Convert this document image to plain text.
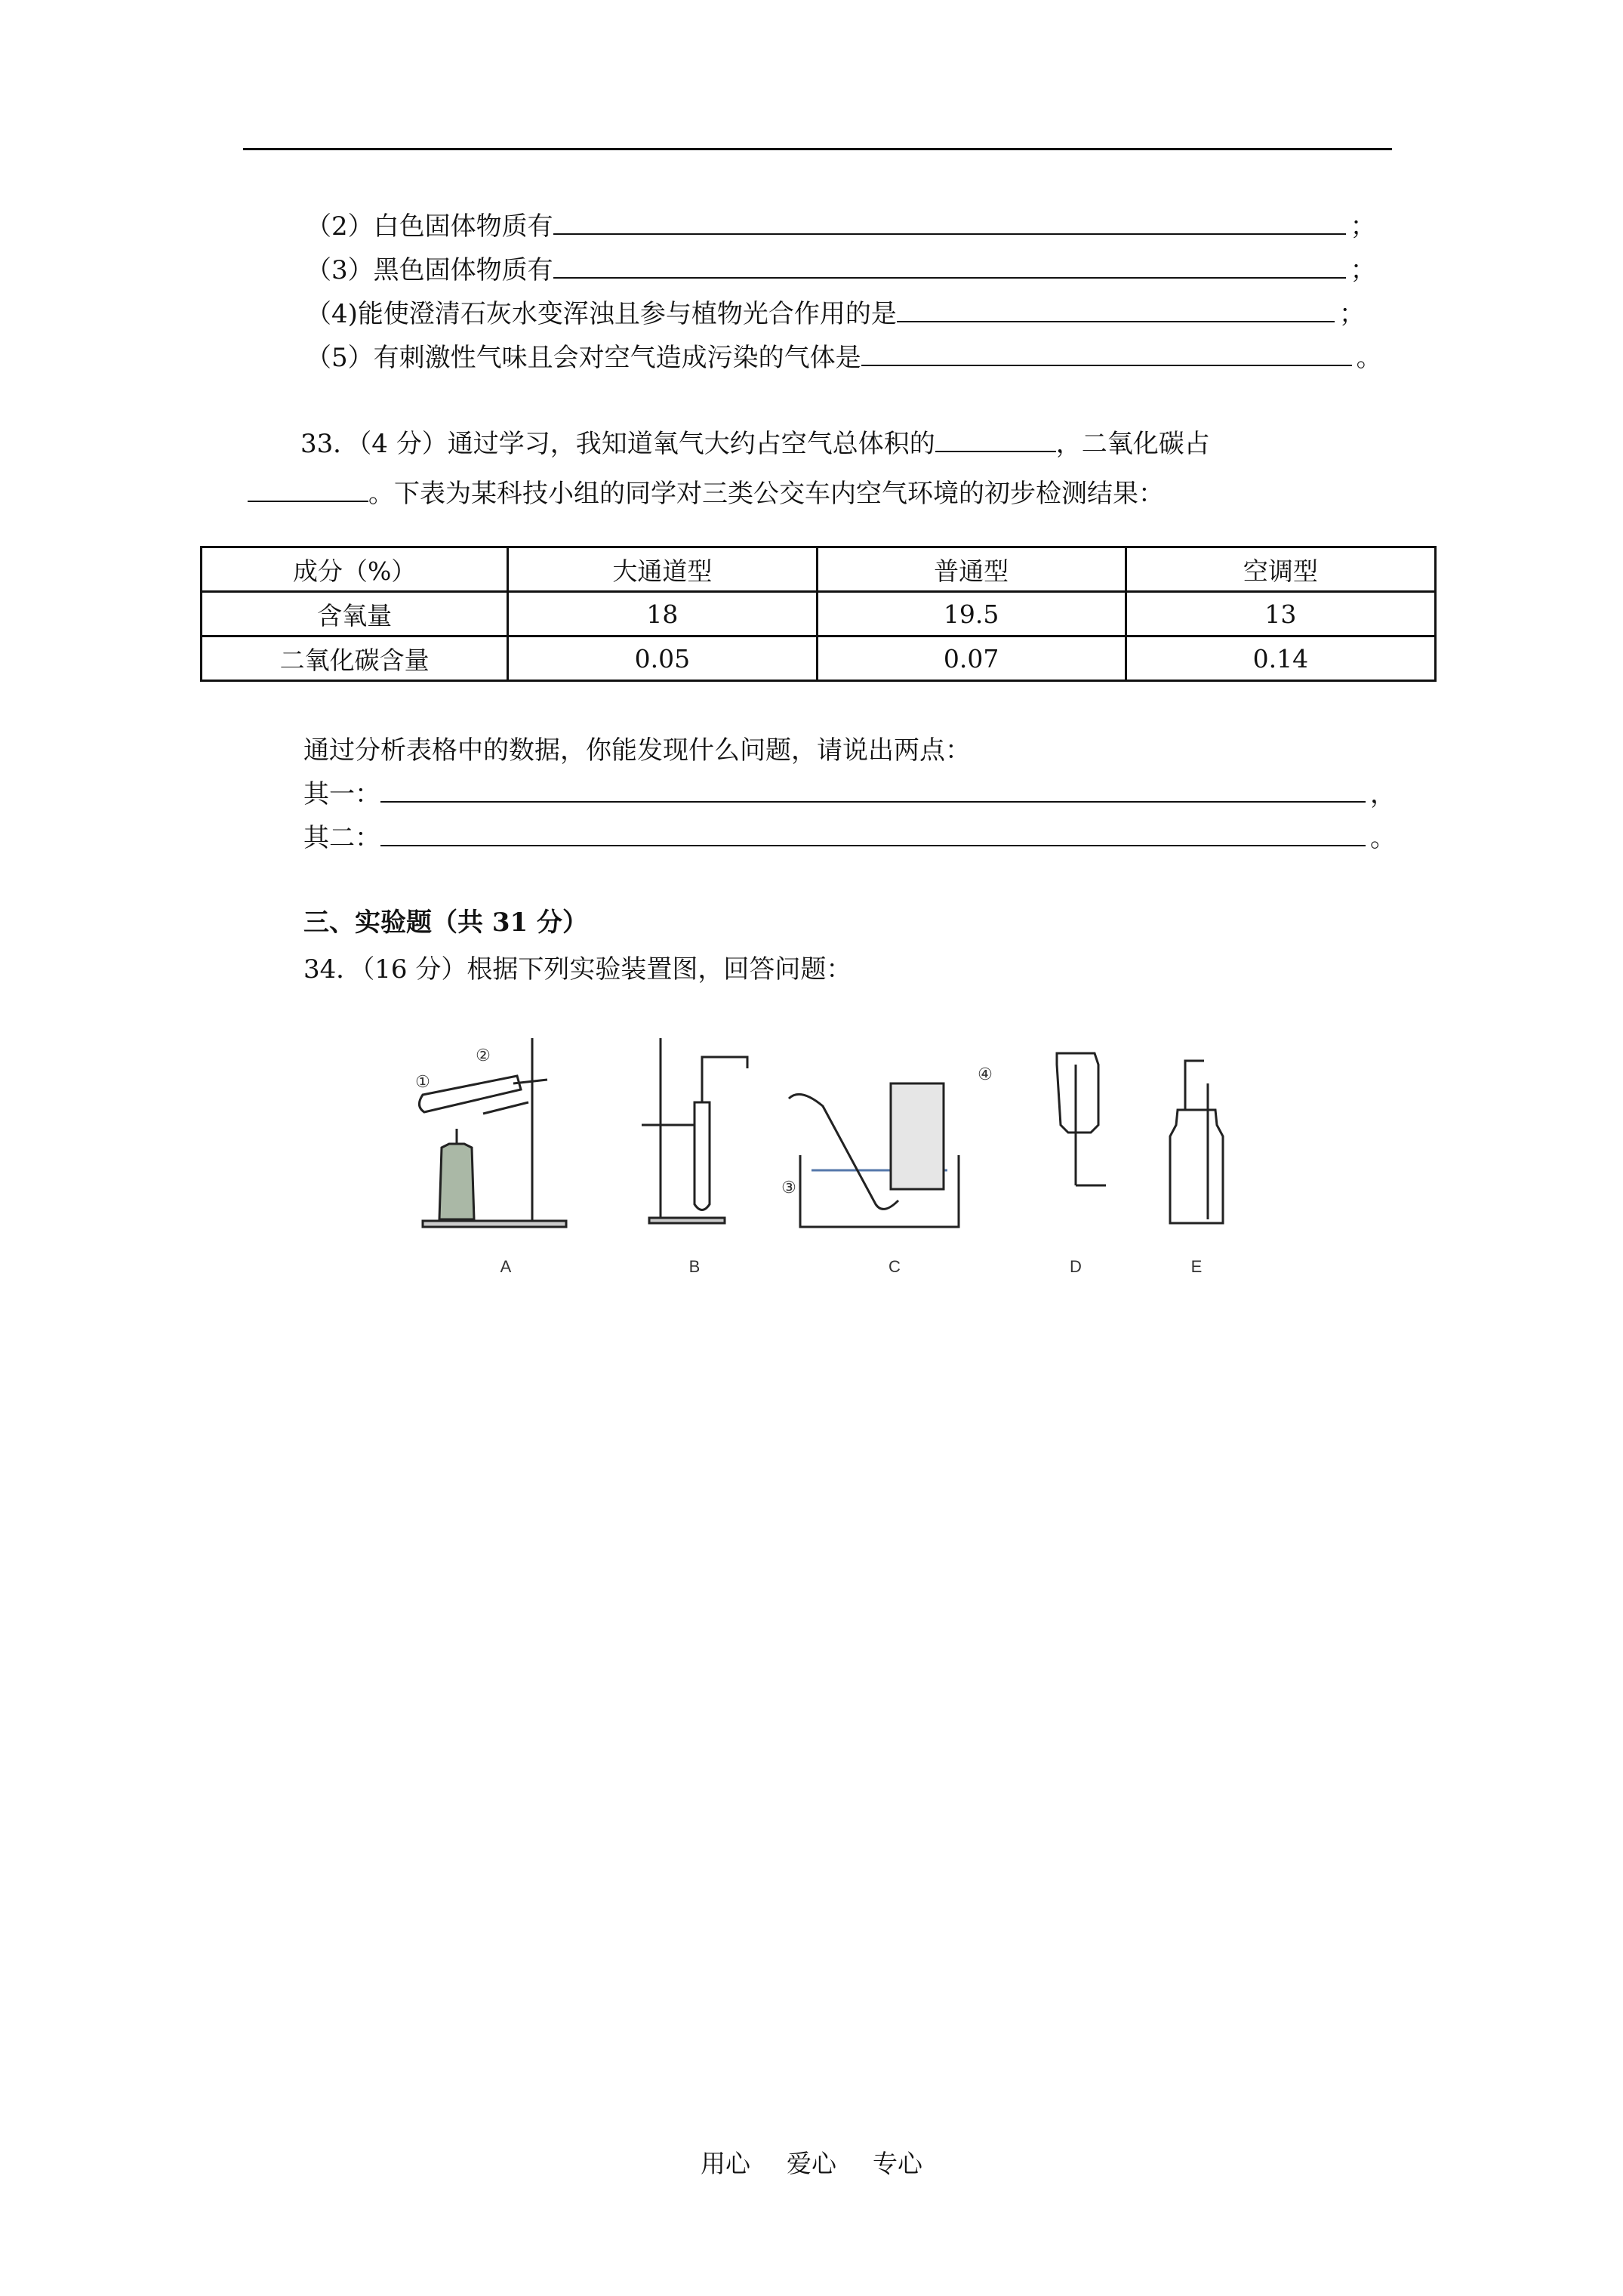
（2）白色固体物质有	；
（3）黑色固体物质有	；
（4)能使澄清石灰水变浑浊且参与植物光合作用的是	；
（5）有刺激性气味且会对空气造成污染的气体是	。
33．（4 分）通过学习，我知道氧气大约占空气总体积的	，二氧化碳占
。下表为某科技小组的同学对三类公交车内空气环境的初步检测结果：
成分（%）	大通道型	普通型	空调型
含氧量	18	19.5	13
二氧化碳含量	0.05	0.07	0.14
通过分析表格中的数据，你能发现什么问题，请说出两点：
其一：	，
其二：	。
三、实验题（共 31 分）
34．（16 分）根据下列实验装置图，回答问题：
①
②
③
④
A	B	C	D	E
用心 爱心 专心
